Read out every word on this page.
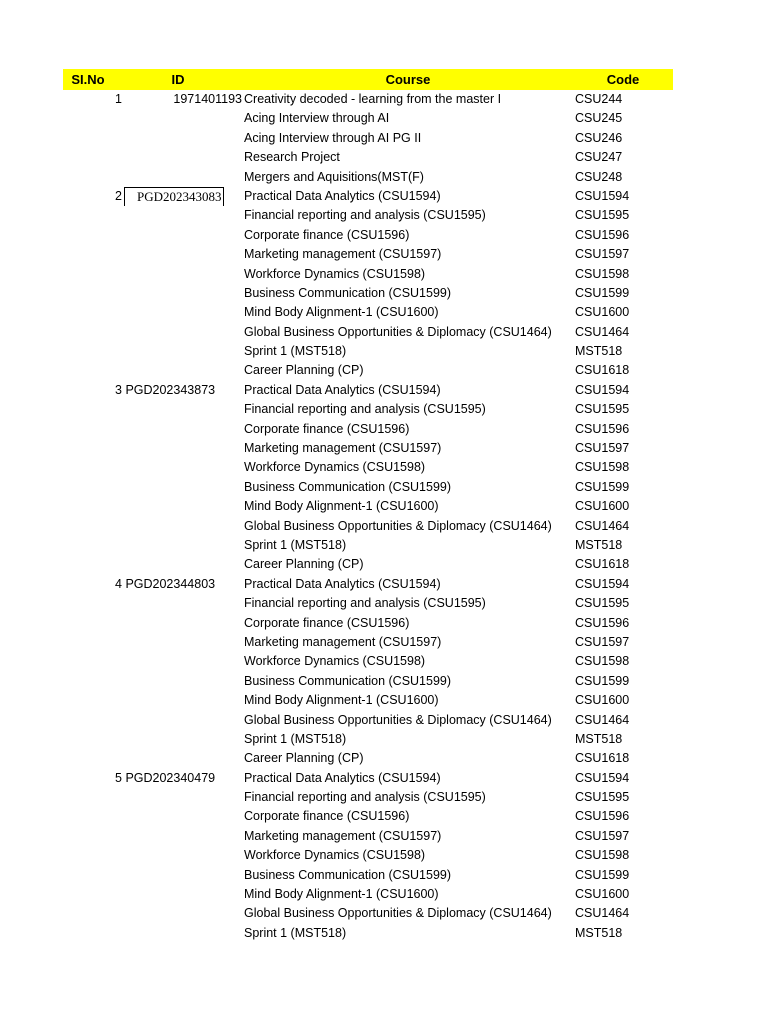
SI.No	ID	Course	Code
1	1971401193 Creativity decoded - learning from the master I	CSU244
Acing Interview through AI	CSU245
Acing Interview through AI PG II	CSU246
Research Project	CSU247
Mergers and Aquisitions(MST(F)	CSU248
2	PGD202343083	Practical Data Analytics (CSU1594)	CSU1594
Financial reporting and analysis (CSU1595)	CSU1595
Corporate finance (CSU1596)	CSU1596
Marketing management (CSU1597)	CSU1597
Workforce Dynamics (CSU1598)	CSU1598
Business Communication (CSU1599)	CSU1599
Mind Body Alignment-1 (CSU1600)	CSU1600
Global Business Opportunities & Diplomacy (CSU1464)	CSU1464
Sprint 1 (MST518)	MST518
Career Planning (CP)	CSU1618
3 PGD202343873	Practical Data Analytics (CSU1594)	CSU1594
Financial reporting and analysis (CSU1595)	CSU1595
Corporate finance (CSU1596)	CSU1596
Marketing management (CSU1597)	CSU1597
Workforce Dynamics (CSU1598)	CSU1598
Business Communication (CSU1599)	CSU1599
Mind Body Alignment-1 (CSU1600)	CSU1600
Global Business Opportunities & Diplomacy (CSU1464)	CSU1464
Sprint 1 (MST518)	MST518
Career Planning (CP)	CSU1618
4 PGD202344803	Practical Data Analytics (CSU1594)	CSU1594
Financial reporting and analysis (CSU1595)	CSU1595
Corporate finance (CSU1596)	CSU1596
Marketing management (CSU1597)	CSU1597
Workforce Dynamics (CSU1598)	CSU1598
Business Communication (CSU1599)	CSU1599
Mind Body Alignment-1 (CSU1600)	CSU1600
Global Business Opportunities & Diplomacy (CSU1464)	CSU1464
Sprint 1 (MST518)	MST518
Career Planning (CP)	CSU1618
5 PGD202340479	Practical Data Analytics (CSU1594)	CSU1594
Financial reporting and analysis (CSU1595)	CSU1595
Corporate finance (CSU1596)	CSU1596
Marketing management (CSU1597)	CSU1597
Workforce Dynamics (CSU1598)	CSU1598
Business Communication (CSU1599)	CSU1599
Mind Body Alignment-1 (CSU1600)	CSU1600
Global Business Opportunities & Diplomacy (CSU1464)	CSU1464
Sprint 1 (MST518)	MST518
